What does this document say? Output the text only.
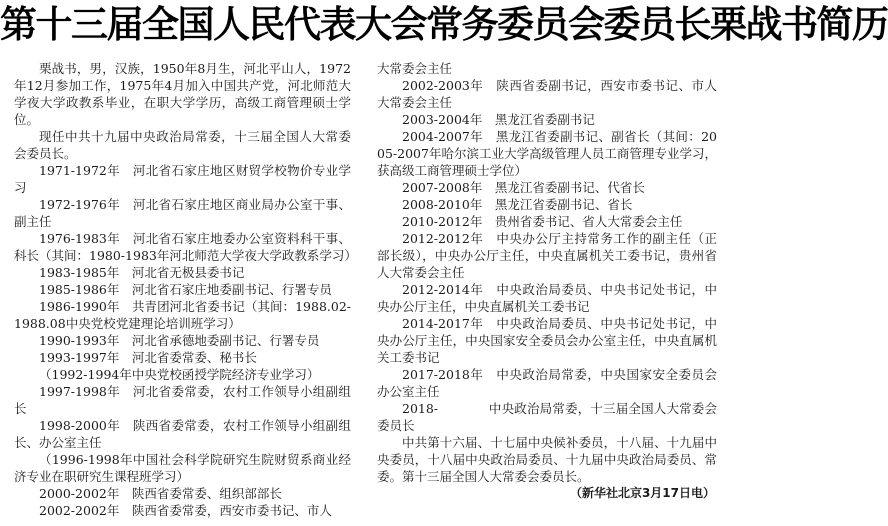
第十三届全国人民代表大会常务委员会委员长栗战书简历

栗战书，男，汉族，1950年8月生，河北平山人，1972年12月参加工作，1975年4月加入中国共产党，河北师范大学夜大学政教系毕业，在职大学学历，高级工商管理硕士学位。

现任中共十九届中央政治局常委，十三届全国人大常委会委员长。

1971-1972年　河北省石家庄地区财贸学校物价专业学习

1972-1976年　河北省石家庄地区商业局办公室干事、副主任

1976-1983年　河北省石家庄地委办公室资料科干事、科长（其间：1980-1983年河北师范大学夜大学政教系学习）

1983-1985年　河北省无极县委书记

1985-1986年　河北省石家庄地委副书记、行署专员

1986-1990年　共青团河北省委书记（其间：1988.02-1988.08中央党校党建理论培训班学习）

1990-1993年　河北省承德地委副书记、行署专员

1993-1997年　河北省委常委、秘书长

（1992-1994年中央党校函授学院经济专业学习）

1997-1998年　河北省委常委，农村工作领导小组副组长

1998-2000年　陕西省委常委，农村工作领导小组副组长、办公室主任

（1996-1998年中国社会科学院研究生院财贸系商业经济专业在职研究生课程班学习）

2000-2002年　陕西省委常委、组织部部长

2002-2002年　陕西省委常委，西安市委书记、市人

大常委会主任

2002-2003年　陕西省委副书记，西安市委书记、市人大常委会主任

2003-2004年　黑龙江省委副书记

2004-2007年　黑龙江省委副书记、副省长（其间：2005-2007年哈尔滨工业大学高级管理人员工商管理专业学习，获高级工商管理硕士学位）

2007-2008年　黑龙江省委副书记、代省长

2008-2010年　黑龙江省委副书记、省长

2010-2012年　贵州省委书记、省人大常委会主任

2012-2012年　中央办公厅主持常务工作的副主任（正部长级），中央办公厅主任，中央直属机关工委书记，贵州省人大常委会主任

2012-2014年　中央政治局委员、中央书记处书记，中央办公厅主任，中央直属机关工委书记

2014-2017年　中央政治局委员、中央书记处书记，中央办公厅主任，中央国家安全委员会办公室主任，中央直属机关工委书记

2017-2018年　中央政治局常委，中央国家安全委员会办公室主任

2018-　　　　中央政治局常委，十三届全国人大常委会委员长

中共第十六届、十七届中央候补委员，十八届、十九届中央委员，十八届中央政治局委员、十九届中央政治局委员、常委。第十三届全国人大常委会委员长。

（新华社北京3月17日电）
